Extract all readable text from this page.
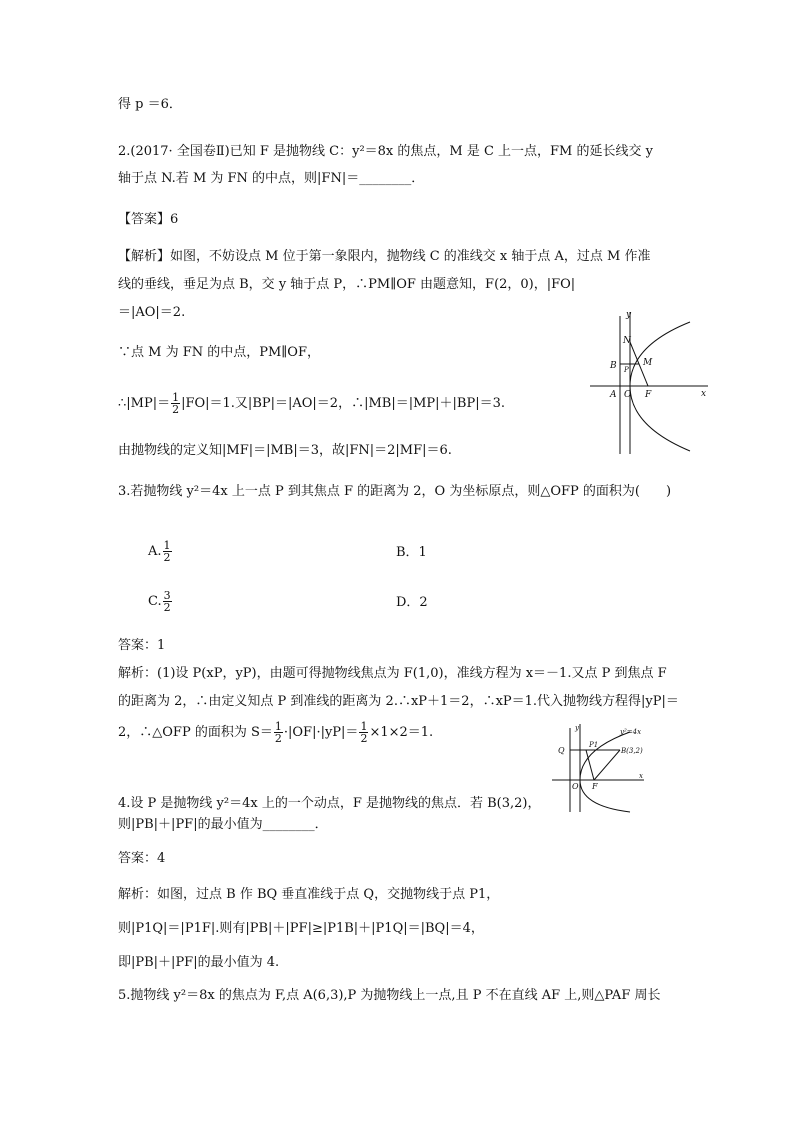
得 p ＝6．
2.(2017· 全国卷Ⅱ)已知 F 是抛物线 C：y²＝8x 的焦点，M 是 C 上一点，FM 的延长线交 y
轴于点 N.若 M 为 FN 的中点，则|FN|＝________．
【答案】6
【解析】如图，不妨设点 M 位于第一象限内，抛物线 C 的准线交 x 轴于点 A，过点 M 作准
线的垂线，垂足为点 B，交 y 轴于点 P，∴PM∥OF 由题意知，F(2，0)，|FO|
＝|AO|＝2.
∵点 M 为 FN 的中点，PM∥OF，
∴|MP|＝ $\frac{1}{2} |FO|=1$.又|BP|＝|AO|＝2，∴|MB|＝|MP|＋|BP|＝3.
由抛物线的定义知|MF|＝|MB|＝3，故|FN|＝2|MF|＝6.
y
x
N
B P
M
A O F
3.若抛物线 y²＝4x 上一点 P 到其焦点 F 的距离为 2，O 为坐标原点，则△OFP 的面积为(　　)
A. $\frac{1}{2}$	B．1
C. $\frac{3}{2}$	D．2
答案：1
解析：(1)设 P(xP，yP)，由题可得抛物线焦点为 F(1,0)，准线方程为 x＝－1.又点 P 到焦点 F
的距离为 2，∴由定义知点 P 到准线的距离为 2.∴xP＋1＝2，∴xP＝1.代入抛物线方程得|yP|＝
2，∴△OFP 的面积为 $S= \frac{1}{2} \cdot|OF|\cdot|yP|= \frac{1}{2} \times 1\times 2=1$.	y
x
y²=4x
Q
P1
B(3,2)
O F
4.设 P 是抛物线 y²＝4x 上的一个动点，F 是抛物线的焦点．若 B(3,2)，
则|PB|＋|PF|的最小值为________．
答案：4
解析：如图，过点 B 作 BQ 垂直准线于点 Q，交抛物线于点 P1，
则|P1Q|＝|P1F|.则有|PB|＋|PF|≥|P1B|＋|P1Q|＝|BQ|＝4，
即|PB|＋|PF|的最小值为 4.
5.抛物线 y²＝8x 的焦点为 F,点 A(6,3),P 为抛物线上一点,且 P 不在直线 AF 上,则△PAF 周长
